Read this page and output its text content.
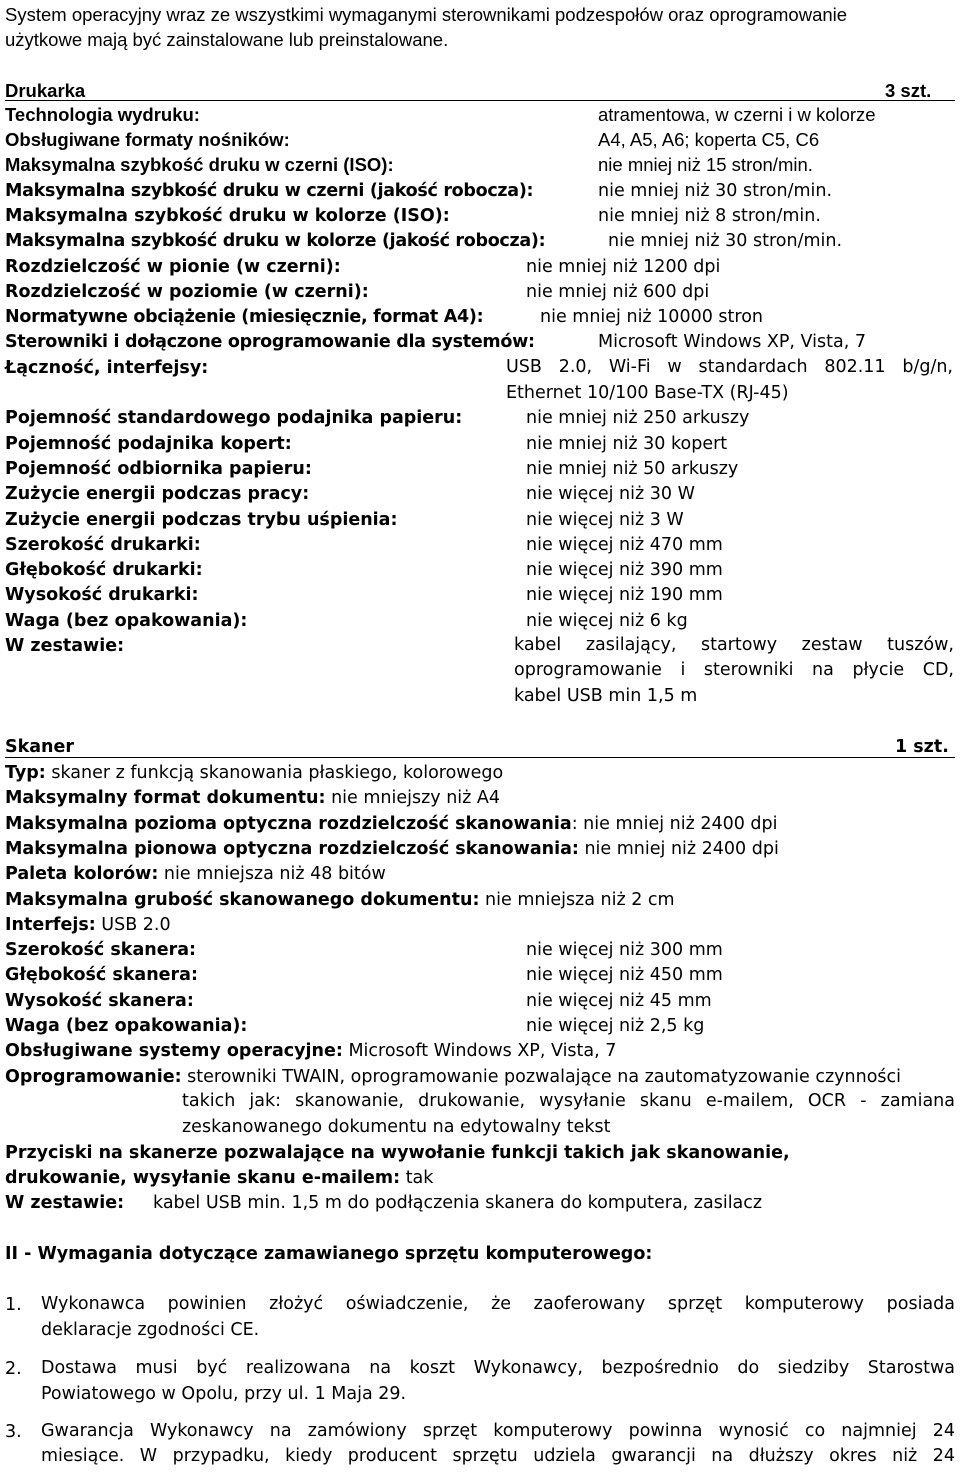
System operacyjny wraz ze wszystkimi wymaganymi sterownikami podzespołów oraz oprogramowanie
użytkowe mają być zainstalowane lub preinstalowane.
Drukarka	3 szt.
Technologia wydruku:	atramentowa, w czerni i w kolorze
Obsługiwane formaty nośników:	A4, A5, A6; koperta C5, C6
Maksymalna szybkość druku w czerni (ISO):	nie mniej niż 15 stron/min.
Maksymalna szybkość druku w czerni (jakość robocza):	nie mniej niż 30 stron/min.
Maksymalna szybkość druku w kolorze (ISO):	nie mniej niż 8 stron/min.
Maksymalna szybkość druku w kolorze (jakość robocza):	nie mniej niż 30 stron/min.
Rozdzielczość w pionie (w czerni):	nie mniej niż 1200 dpi
Rozdzielczość w poziomie (w czerni):	nie mniej niż 600 dpi
Normatywne obciążenie (miesięcznie, format A4):	nie mniej niż 10000 stron
Sterowniki i dołączone oprogramowanie dla systemów:	Microsoft Windows XP, Vista, 7
Łączność, interfejsy:	USB 2.0, Wi-Fi w standardach 802.11 b/g/n,
Ethernet 10/100 Base-TX (RJ-45)
Pojemność standardowego podajnika papieru:	nie mniej niż 250 arkuszy
Pojemność podajnika kopert:	nie mniej niż 30 kopert
Pojemność odbiornika papieru:	nie mniej niż 50 arkuszy
Zużycie energii podczas pracy:	nie więcej niż 30 W
Zużycie energii podczas trybu uśpienia:	nie więcej niż 3 W
Szerokość drukarki:	nie więcej niż 470 mm
Głębokość drukarki:	nie więcej niż 390 mm
Wysokość drukarki:	nie więcej niż 190 mm
Waga (bez opakowania):	nie więcej niż 6 kg
W zestawie:	kabel zasilający, startowy zestaw tuszów,
oprogramowanie i sterowniki na płycie CD,
kabel USB min 1,5 m
Skaner	1 szt.
Typ: skaner z funkcją skanowania płaskiego, kolorowego
Maksymalny format dokumentu: nie mniejszy niż A4
Maksymalna pozioma optyczna rozdzielczość skanowania: nie mniej niż 2400 dpi
Maksymalna pionowa optyczna rozdzielczość skanowania: nie mniej niż 2400 dpi
Paleta kolorów: nie mniejsza niż 48 bitów
Maksymalna grubość skanowanego dokumentu: nie mniejsza niż 2 cm
Interfejs: USB 2.0
Szerokość skanera:	nie więcej niż 300 mm
Głębokość skanera:	nie więcej niż 450 mm
Wysokość skanera:	nie więcej niż 45 mm
Waga (bez opakowania):	nie więcej niż 2,5 kg
Obsługiwane systemy operacyjne: Microsoft Windows XP, Vista, 7
Oprogramowanie: sterowniki TWAIN, oprogramowanie pozwalające na zautomatyzowanie czynności
takich jak: skanowanie, drukowanie, wysyłanie skanu e-mailem, OCR - zamiana
zeskanowanego dokumentu na edytowalny tekst
Przyciski na skanerze pozwalające na wywołanie funkcji takich jak skanowanie,
drukowanie, wysyłanie skanu e-mailem: tak
W zestawie: kabel USB min. 1,5 m do podłączenia skanera do komputera, zasilacz
II - Wymagania dotyczące zamawianego sprzętu komputerowego:
1. Wykonawca powinien złożyć oświadczenie, że zaoferowany sprzęt komputerowy posiada
deklaracje zgodności CE.
2. Dostawa musi być realizowana na koszt Wykonawcy, bezpośrednio do siedziby Starostwa
Powiatowego w Opolu, przy ul. 1 Maja 29.
3. Gwarancja Wykonawcy na zamówiony sprzęt komputerowy powinna wynosić co najmniej 24
miesiące. W przypadku, kiedy producent sprzętu udziela gwarancji na dłuższy okres niż 24
